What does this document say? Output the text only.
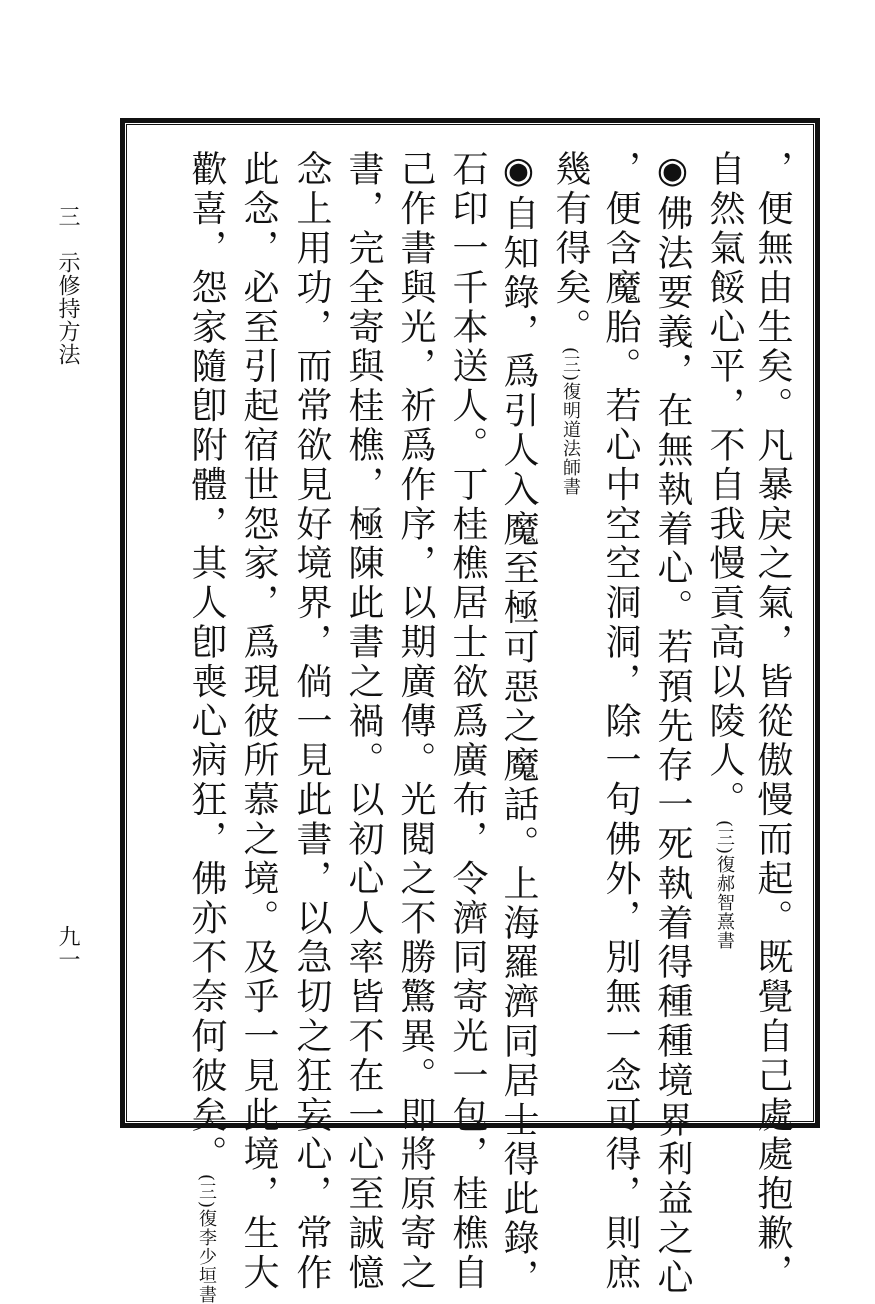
三　示修持方法
九一	，便無由生矣。凡暴戾之氣，皆從傲慢而起。既覺自己處處抱歉，
自然氣餒心平，不自我慢貢高以陵人。(三)復郝智熹書
◉佛法要義，在無執着心。若預先存一死執着得種種境界利益之心
，便含魔胎。若心中空空洞洞，除一句佛外，別無一念可得，則庶
幾有得矣。(三)復明道法師書
◉自知錄，爲引人入魔至極可惡之魔話。上海羅濟同居士得此錄，
石印一千本送人。丁桂樵居士欲爲廣布，令濟同寄光一包，桂樵自
己作書與光，祈爲作序，以期廣傳。光閱之不勝驚異。即將原寄之
書，完全寄與桂樵，極陳此書之禍。以初心人率皆不在一心至誠憶
念上用功，而常欲見好境界，倘一見此書，以急切之狂妄心，常作
此念，必至引起宿世怨家，爲現彼所慕之境。及乎一見此境，生大
歡喜，怨家隨卽附體，其人卽喪心病狂，佛亦不奈何彼矣。(三)復李少垣書
